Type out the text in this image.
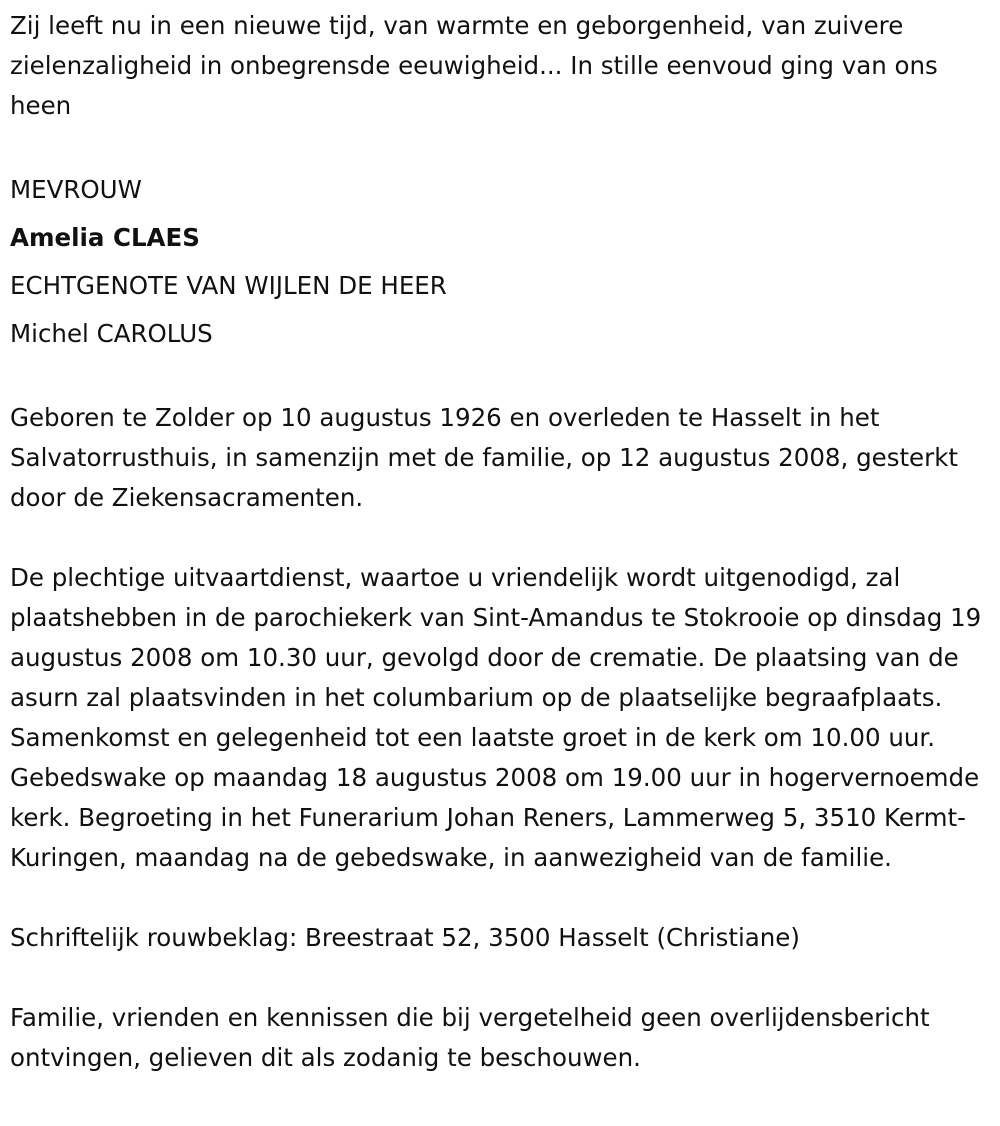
Zij leeft nu in een nieuwe tijd, van warmte en geborgenheid, van zuivere zielenzaligheid in onbegrensde eeuwigheid... In stille eenvoud ging van ons heen

MEVROUW
Amelia CLAES
ECHTGENOTE VAN WIJLEN DE HEER
Michel CAROLUS

Geboren te Zolder op 10 augustus 1926 en overleden te Hasselt in het Salvatorrusthuis, in samenzijn met de familie, op 12 augustus 2008, gesterkt door de Ziekensacramenten.

De plechtige uitvaartdienst, waartoe u vriendelijk wordt uitgenodigd, zal plaatshebben in de parochiekerk van Sint-Amandus te Stokrooie op dinsdag 19 augustus 2008 om 10.30 uur, gevolgd door de crematie. De plaatsing van de asurn zal plaatsvinden in het columbarium op de plaatselijke begraafplaats. Samenkomst en gelegenheid tot een laatste groet in de kerk om 10.00 uur. Gebedswake op maandag 18 augustus 2008 om 19.00 uur in hogervernoemde kerk. Begroeting in het Funerarium Johan Reners, Lammerweg 5, 3510 Kermt-Kuringen, maandag na de gebedswake, in aanwezigheid van de familie.

Schriftelijk rouwbeklag: Breestraat 52, 3500 Hasselt (Christiane)

Familie, vrienden en kennissen die bij vergetelheid geen overlijdensbericht ontvingen, gelieven dit als zodanig te beschouwen.
